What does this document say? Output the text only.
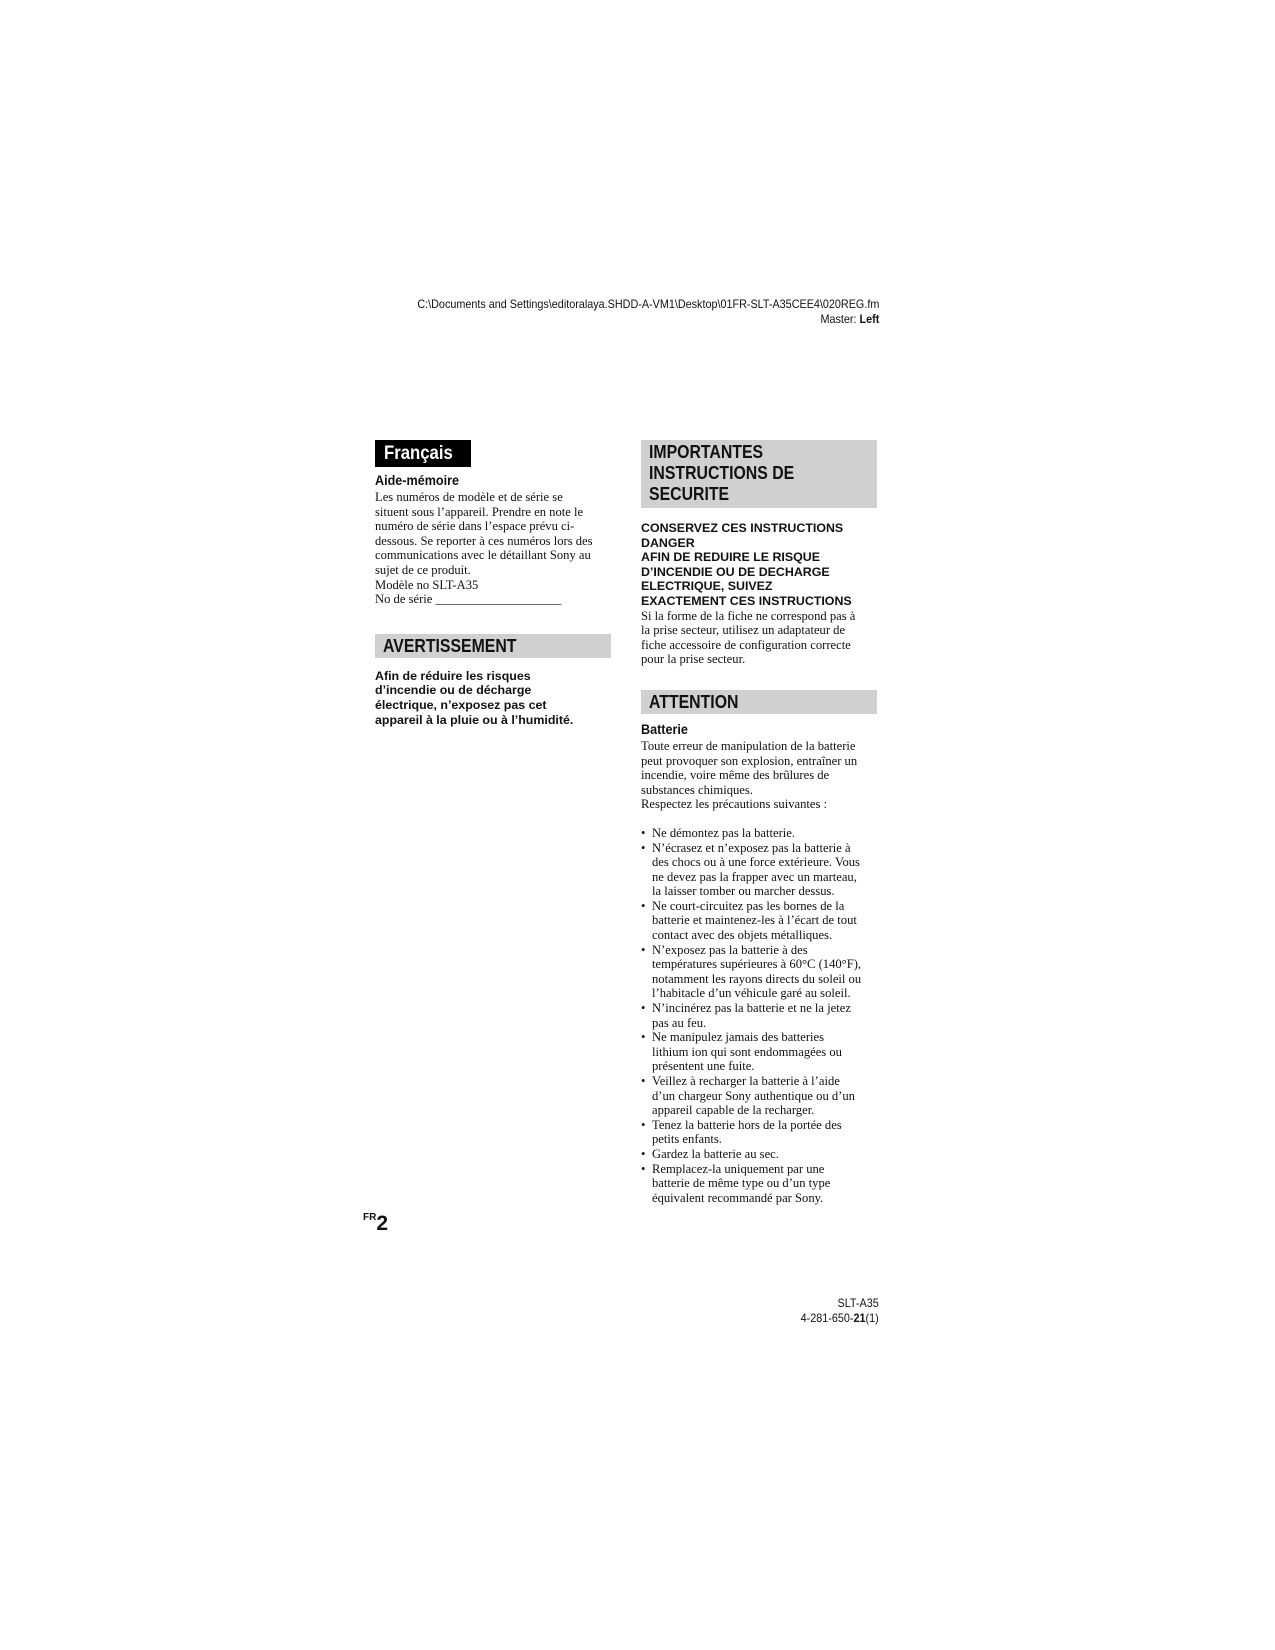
C:\Documents and Settings\editoralaya.SHDD-A-VM1\Desktop\01FR-SLT-A35CEE4\020REG.fm
Master: Left
Français
Aide-mémoire
Les numéros de modèle et de série se
situent sous l’appareil. Prendre en note le
numéro de série dans l’espace prévu ci-
dessous. Se reporter à ces numéros lors des
communications avec le détaillant Sony au
sujet de ce produit.
Modèle no SLT-A35
No de série ____________________
AVERTISSEMENT
Afin de réduire les risques
d’incendie ou de décharge
électrique, n’exposez pas cet
appareil à la pluie ou à l’humidité.
IMPORTANTES
INSTRUCTIONS DE
SECURITE
CONSERVEZ CES INSTRUCTIONS
DANGER
AFIN DE REDUIRE LE RISQUE
D’INCENDIE OU DE DECHARGE
ELECTRIQUE, SUIVEZ
EXACTEMENT CES INSTRUCTIONS
Si la forme de la fiche ne correspond pas à
la prise secteur, utilisez un adaptateur de
fiche accessoire de configuration correcte
pour la prise secteur.
ATTENTION
Batterie
Toute erreur de manipulation de la batterie
peut provoquer son explosion, entraîner un
incendie, voire même des brûlures de
substances chimiques.
Respectez les précautions suivantes :
• Ne démontez pas la batterie.
• N’écrasez et n’exposez pas la batterie à
des chocs ou à une force extérieure. Vous
ne devez pas la frapper avec un marteau,
la laisser tomber ou marcher dessus.
• Ne court-circuitez pas les bornes de la
batterie et maintenez-les à l’écart de tout
contact avec des objets métalliques.
• N’exposez pas la batterie à des
températures supérieures à 60°C (140°F),
notamment les rayons directs du soleil ou
l’habitacle d’un véhicule garé au soleil.
• N’incinérez pas la batterie et ne la jetez
pas au feu.
• Ne manipulez jamais des batteries
lithium ion qui sont endommagées ou
présentent une fuite.
• Veillez à recharger la batterie à l’aide
d’un chargeur Sony authentique ou d’un
appareil capable de la recharger.
• Tenez la batterie hors de la portée des
petits enfants.
• Gardez la batterie au sec.
• Remplacez-la uniquement par une
batterie de même type ou d’un type
équivalent recommandé par Sony.
$^{FR}$2
SLT-A35
4-281-650-21(1)
